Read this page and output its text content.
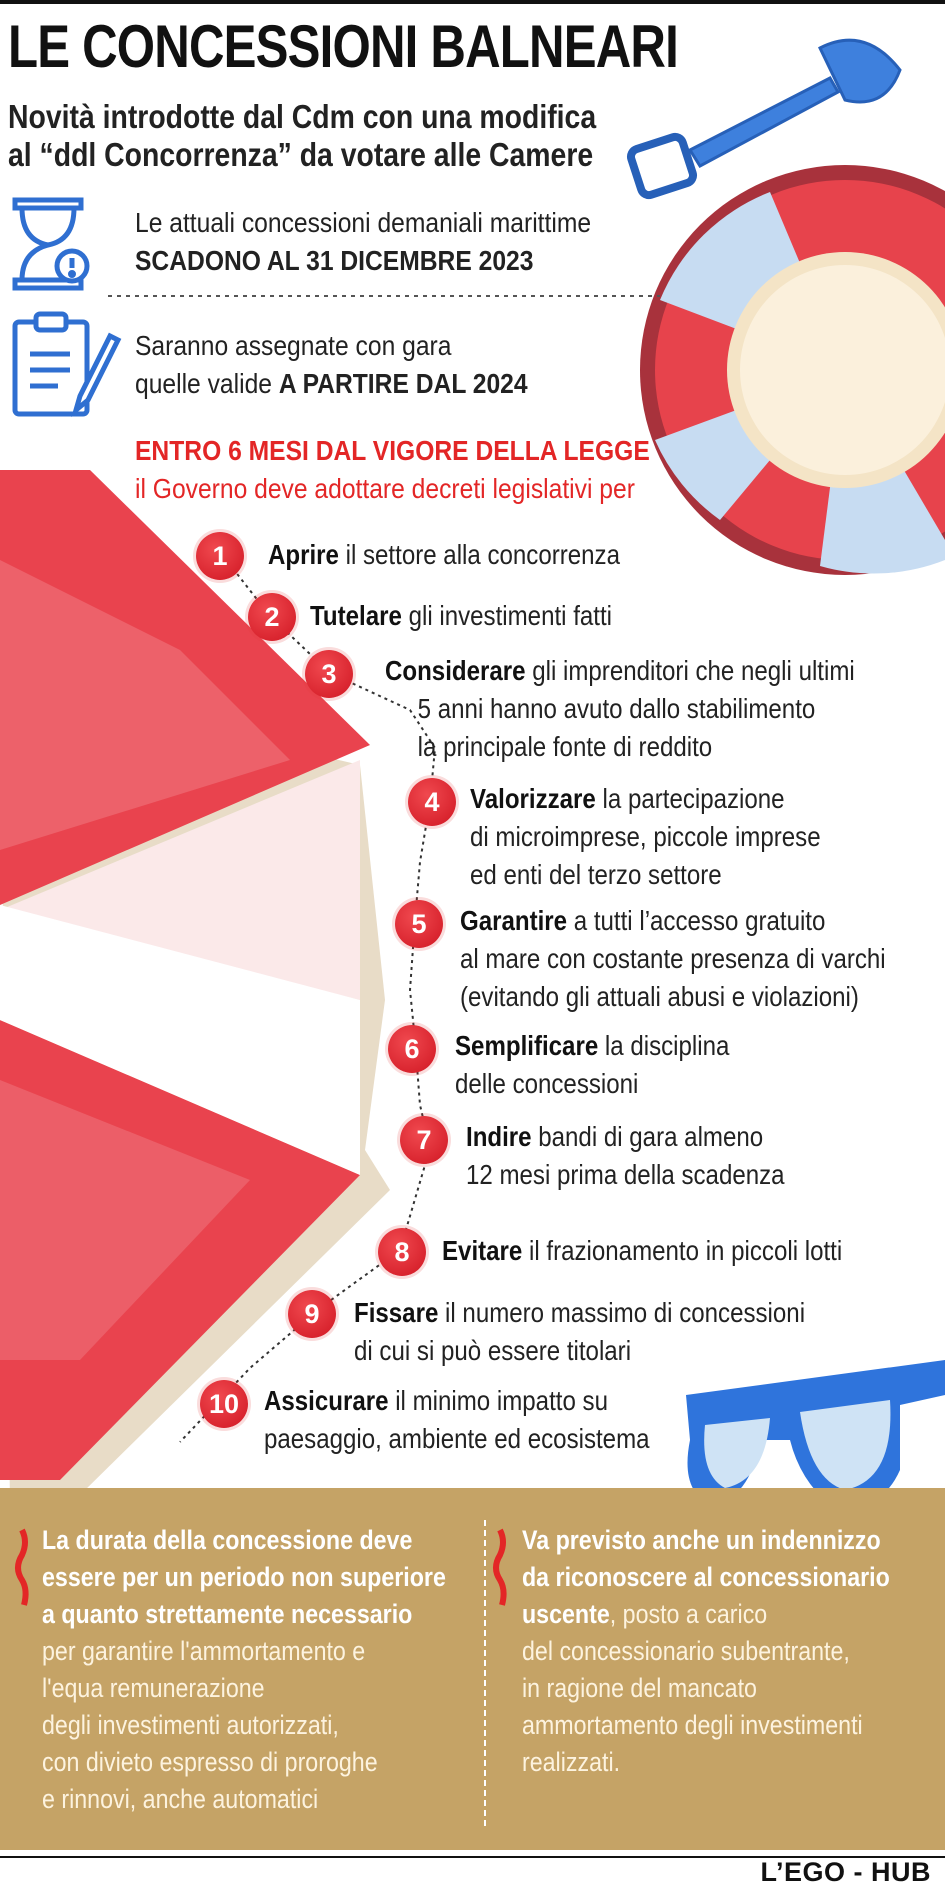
LE CONCESSIONI BALNEARI
Novità introdotte dal Cdm con una modifica
al “ddl Concorrenza” da votare alle Camere
Le attuali concessioni demaniali marittime
SCADONO AL 31 DICEMBRE 2023
Saranno assegnate con gara
quelle valide A PARTIRE DAL 2024
ENTRO 6 MESI DAL VIGORE DELLA LEGGE
il Governo deve adottare decreti legislativi per
1	Aprire il settore alla concorrenza
2	Tutelare gli investimenti fatti
3	Considerare gli imprenditori che negli ultimi
5 anni hanno avuto dallo stabilimento
la principale fonte di reddito
4	Valorizzare la partecipazione
di microimprese, piccole imprese
ed enti del terzo settore
5	Garantire a tutti l’accesso gratuito
al mare con costante presenza di varchi
(evitando gli attuali abusi e violazioni)
6	Semplificare la disciplina
delle concessioni
7	Indire bandi di gara almeno
12 mesi prima della scadenza
8	Evitare il frazionamento in piccoli lotti
9	Fissare il numero massimo di concessioni
di cui si può essere titolari
10 Assicurare il minimo impatto su
paesaggio, ambiente ed ecosistema
La durata della concessione deve
essere per un periodo non superiore
a quanto strettamente necessario
per garantire l'ammortamento e
l'equa remunerazione
degli investimenti autorizzati,
con divieto espresso di proroghe
e rinnovi, anche automatici
Va previsto anche un indennizzo
da riconoscere al concessionario
uscente, posto a carico
del concessionario subentrante,
in ragione del mancato
ammortamento degli investimenti
realizzati.
L’EGO - HUB
